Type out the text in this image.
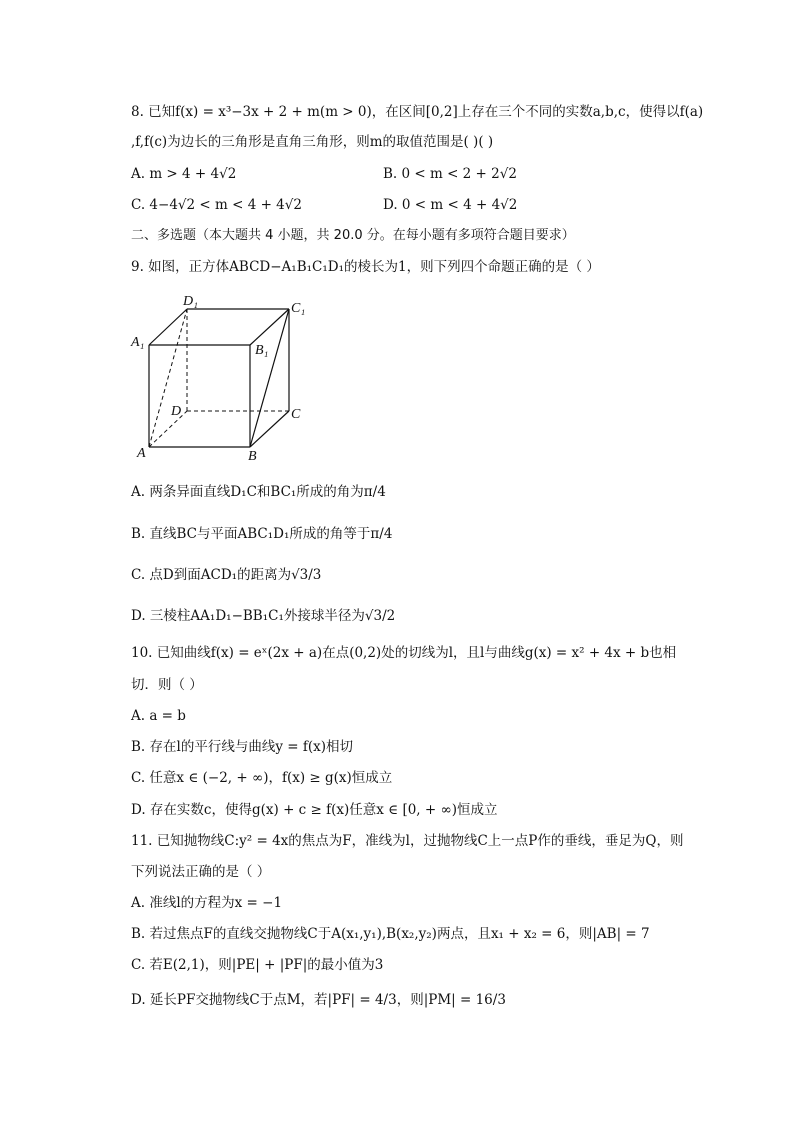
8. 已知f(x) = x³−3x + 2 + m(m > 0)，在区间[0,2]上存在三个不同的实数a,b,c，使得以f(a)
,f,f(c)为边长的三角形是直角三角形，则m的取值范围是( )( )
A. m > 4 + 4√2	B. 0 < m < 2 + 2√2
C. 4−4√2 < m < 4 + 4√2	D. 0 < m < 4 + 4√2
二、多选题（本大题共 4 小题，共 20.0 分。在每小题有多项符合题目要求）
9. 如图，正方体ABCD−A₁B₁C₁D₁的棱长为1，则下列四个命题正确的是（ ）
D₁	C₁
A₁
B₁
D	C
A	B
A. 两条异面直线D₁C和BC₁所成的角为π/4
B. 直线BC与平面ABC₁D₁所成的角等于π/4
C. 点D到面ACD₁的距离为√3/3
D. 三棱柱AA₁D₁−BB₁C₁外接球半径为√3/2
10. 已知曲线f(x) = eˣ(2x + a)在点(0,2)处的切线为l，且l与曲线g(x) = x² + 4x + b也相
切．则（ ）
A. a = b
B. 存在l的平行线与曲线y = f(x)相切
C. 任意x ∈ (−2, + ∞)，f(x) ≥ g(x)恒成立
D. 存在实数c，使得g(x) + c ≥ f(x)任意x ∈ [0, + ∞)恒成立
11. 已知抛物线C:y² = 4x的焦点为F，准线为l，过抛物线C上一点P作的垂线，垂足为Q，则
下列说法正确的是（ ）
A. 准线l的方程为x = −1
B. 若过焦点F的直线交抛物线C于A(x₁,y₁),B(x₂,y₂)两点，且x₁ + x₂ = 6，则|AB| = 7
C. 若E(2,1)，则|PE| + |PF|的最小值为3
D. 延长PF交抛物线C于点M，若|PF| = 4/3，则|PM| = 16/3
